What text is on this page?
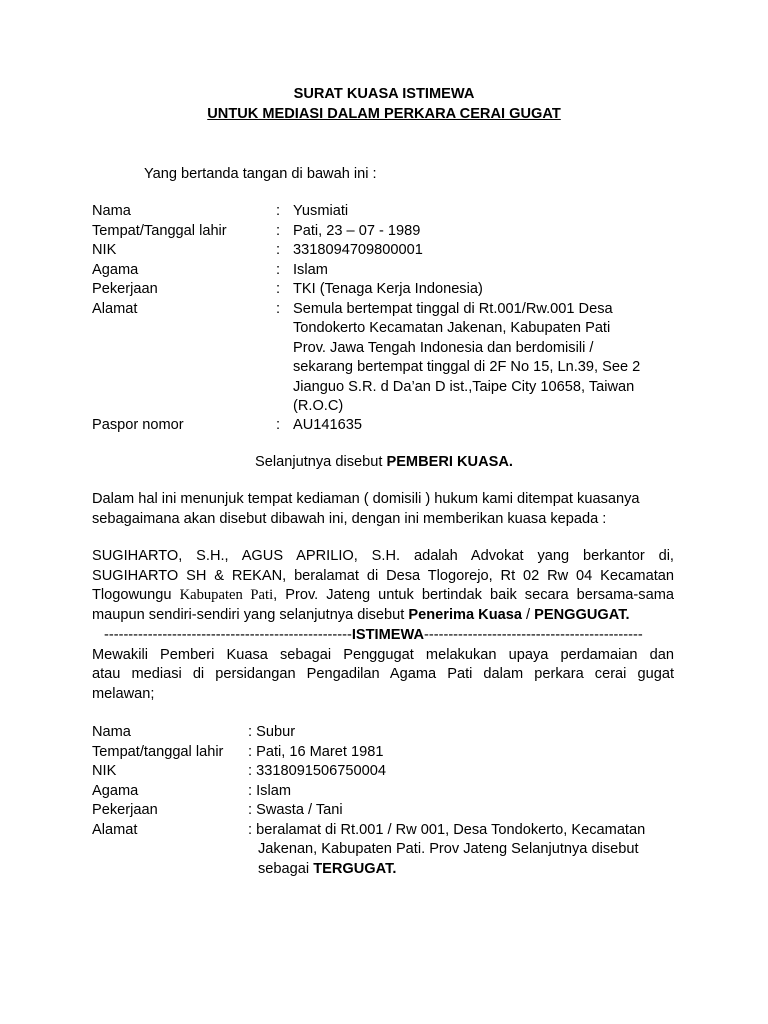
SURAT KUASA ISTIMEWA
UNTUK MEDIASI DALAM PERKARA CERAI GUGAT
Yang bertanda tangan di bawah ini :
Nama	: Yusmiati
Tempat/Tanggal lahir	: Pati, 23 – 07 - 1989
NIK	: 3318094709800001
Agama	: Islam
Pekerjaan	: TKI (Tenaga Kerja Indonesia)
Alamat	: Semula bertempat tinggal di Rt.001/Rw.001 Desa
Tondokerto Kecamatan Jakenan, Kabupaten Pati
Prov. Jawa Tengah Indonesia dan berdomisili /
sekarang bertempat tinggal di 2F No 15, Ln.39, See 2
Jianguo S.R. d Da’an D ist.,Taipe City 10658, Taiwan
(R.O.C)
Paspor nomor	: AU141635
Selanjutnya disebut PEMBERI KUASA.
Dalam hal ini menunjuk tempat kediaman ( domisili ) hukum kami ditempat kuasanya
sebagaimana akan disebut dibawah ini, dengan ini memberikan kuasa kepada :
SUGIHARTO, S.H., AGUS APRILIO, S.H. adalah Advokat yang berkantor di,
SUGIHARTO SH & REKAN, beralamat di Desa Tlogorejo, Rt 02 Rw 04 Kecamatan
Tlogowungu Kabupaten Pati, Prov. Jateng untuk bertindak baik secara bersama-sama
maupun sendiri-sendiri yang selanjutnya disebut Penerima Kuasa / PENGGUGAT.
---------------------------------------------------ISTIMEWA---------------------------------------------
Mewakili Pemberi Kuasa sebagai Penggugat melakukan upaya perdamaian dan
atau mediasi di persidangan Pengadilan Agama Pati dalam perkara cerai gugat
melawan;
Nama	: Subur
Tempat/tanggal lahir : Pati, 16 Maret 1981
NIK	: 3318091506750004
Agama	: Islam
Pekerjaan	: Swasta / Tani
Alamat	: beralamat di Rt.001 / Rw 001, Desa Tondokerto, Kecamatan
Jakenan, Kabupaten Pati. Prov Jateng Selanjutnya disebut
sebagai TERGUGAT.
